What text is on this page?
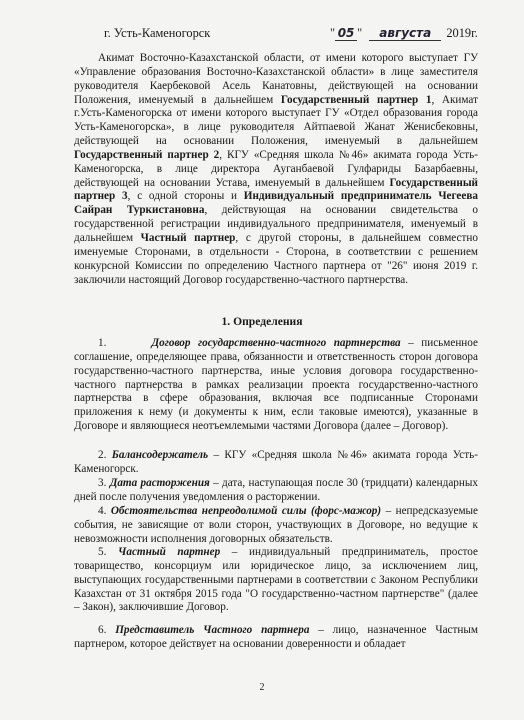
г. Усть-Каменогорск	" 05 " августа 2019г.

Акимат Восточно-Казахстанской области, от имени которого выступает ГУ «Управление образования Восточно-Казахстанской области» в лице заместителя руководителя Каербековой Асель Канатовны, действующей на основании Положения, именуемый в дальнейшем Государственный партнер 1, Акимат г.Усть-Каменогорска от имени которого выступает ГУ «Отдел образования города Усть-Каменогорска», в лице руководителя Айтпаевой Жанат Жениcбековны, действующей на основании Положения, именуемый в дальнейшем Государственный партнер 2, КГУ «Средняя школа №46» акимата города Усть-Каменогорска, в лице директора Ауганбаевой Гулфариды Базарбаевны, действующей на основании Устава, именуемый в дальнейшем Государственный партнер 3, с одной стороны и Индивидуальный предприниматель Чегеева Сайран Туркистановна, действующая на основании свидетельства о государственной регистрации индивидуального предпринимателя, именуемый в дальнейшем Частный партнер, с другой стороны, в дальнейшем совместно именуемые Сторонами, в отдельности - Сторона, в соответствии с решением конкурсной Комиссии по определению Частного партнера от "26" июня 2019 г. заключили настоящий Договор государственно-частного партнерства.

1. Определения

1.	Договор государственно-частного партнерства – письменное соглашение, определяющее права, обязанности и ответственность сторон договора государственно-частного партнерства, иные условия договора государственно-частного партнерства в рамках реализации проекта государственно-частного партнерства в сфере образования, включая все подписанные Сторонами приложения к нему (и документы к ним, если таковые имеются), указанные в Договоре и являющиеся неотъемлемыми частями Договора (далее – Договор).

2. Балансодержатель – КГУ «Средняя школа №46» акимата города Усть-Каменогорск.

3. Дата расторжения – дата, наступающая после 30 (тридцати) календарных дней после получения уведомления о расторжении.

4. Обстоятельства непреодолимой силы (форс-мажор) – непредсказуемые события, не зависящие от воли сторон, участвующих в Договоре, но ведущие к невозможности исполнения договорных обязательств.

5. Частный партнер – индивидуальный предприниматель, простое товарищество, консорциум или юридическое лицо, за исключением лиц, выступающих государственными партнерами в соответствии с Законом Республики Казахстан от 31 октября 2015 года "О государственно-частном партнерстве" (далее – Закон), заключившие Договор.

6. Представитель Частного партнера – лицо, назначенное Частным партнером, которое действует на основании доверенности и обладает

2
